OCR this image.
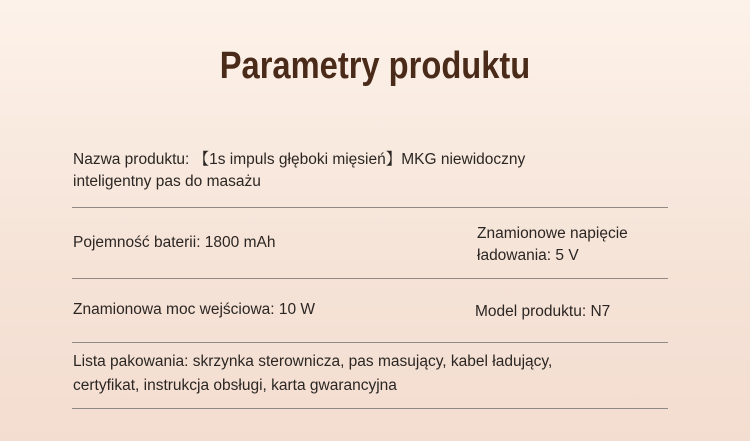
Parametry produktu
Nazwa produktu: 【1s impuls głęboki mięsień】MKG niewidoczny
inteligentny pas do masażu
Pojemność baterii: 1800 mAh
Znamionowe napięcie
ładowania: 5 V
Znamionowa moc wejściowa: 10 W	Model produktu: N7
Lista pakowania: skrzynka sterownicza, pas masujący, kabel ładujący,
certyfikat, instrukcja obsługi, karta gwarancyjna
